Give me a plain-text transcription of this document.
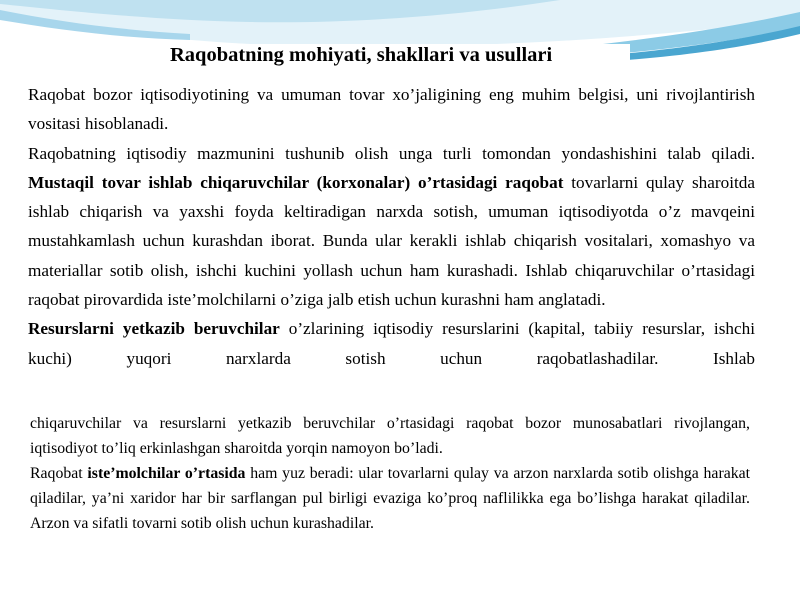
Raqobatning mohiyati, shakllari va usullari

Raqobat bozor iqtisodiyotining va umuman tovar xo’jaligining eng muhim belgisi, uni rivojlantirish vositasi hisoblanadi.

Raqobatning iqtisodiy mazmunini tushunib olish unga turli tomondan yondashishini talab qiladi. Mustaqil tovar ishlab chiqaruvchilar (korxonalar) o’rtasidagi raqobat tovarlarni qulay sharoitda ishlab chiqarish va yaxshi foyda keltiradigan narxda sotish, umuman iqtisodiyotda o’z mavqeini mustahkamlash uchun kurashdan iborat. Bunda ular kerakli ishlab chiqarish vositalari, xomashyo va materiallar sotib olish, ishchi kuchini yollash uchun ham kurashadi. Ishlab chiqaruvchilar o’rtasidagi raqobat pirovardida iste’molchilarni o’ziga jalb etish uchun kurashni ham anglatadi.

Resurslarni yetkazib beruvchilar o’zlarining iqtisodiy resurslarini (kapital, tabiiy resurslar, ishchi kuchi) yuqori narxlarda sotish uchun raqobatlashadilar. Ishlab

chiqaruvchilar va resurslarni yetkazib beruvchilar o’rtasidagi raqobat bozor munosabatlari rivojlangan, iqtisodiyot to’liq erkinlashgan sharoitda yorqin namoyon bo’ladi.

Raqobat iste’molchilar o’rtasida ham yuz beradi: ular tovarlarni qulay va arzon narxlarda sotib olishga harakat qiladilar, ya’ni xaridor har bir sarflangan pul birligi evaziga ko’proq naflilikka ega bo’lishga harakat qiladilar. Arzon va sifatli tovarni sotib olish uchun kurashadilar.
